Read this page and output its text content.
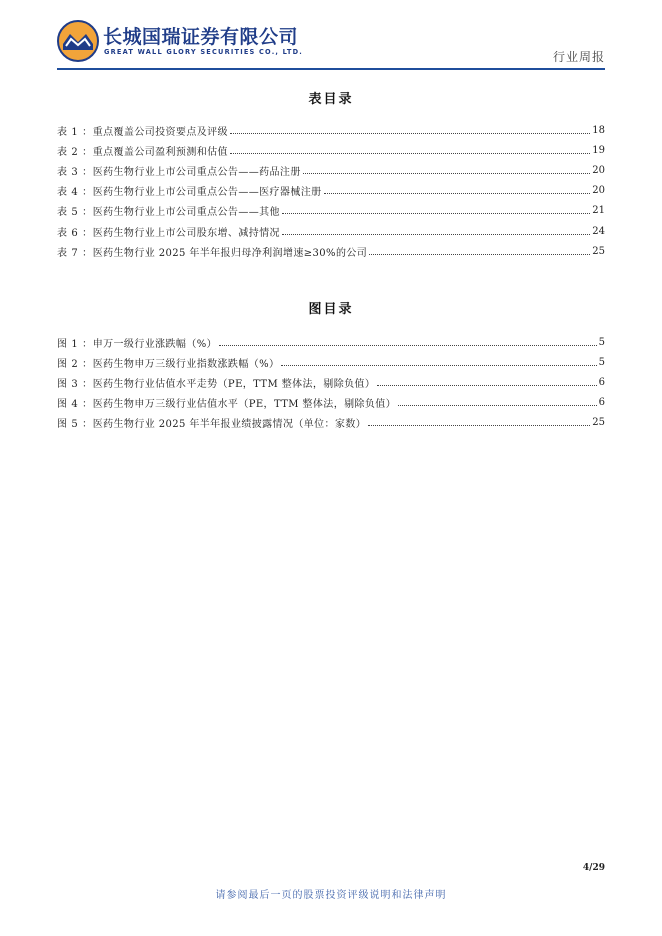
长城国瑞证券有限公司
GREAT WALL GLORY SECURITIES CO., LTD.	行业周报
表目录
表 1 ： 重点覆盖公司投资要点及评级	18
表 2 ： 重点覆盖公司盈利预测和估值	19
表 3 ： 医药生物行业上市公司重点公告——药品注册	20
表 4 ： 医药生物行业上市公司重点公告——医疗器械注册	20
表 5 ： 医药生物行业上市公司重点公告——其他	21
表 6 ： 医药生物行业上市公司股东增、减持情况	24
表 7 ： 医药生物行业 2025 年半年报归母净利润增速≥30%的公司	25
图目录
图 1 ： 申万一级行业涨跌幅（%）	5
图 2 ： 医药生物申万三级行业指数涨跌幅（%）	5
图 3 ： 医药生物行业估值水平走势（PE，TTM 整体法，剔除负值）	6
图 4 ： 医药生物申万三级行业估值水平（PE，TTM 整体法，剔除负值）	6
图 5 ： 医药生物行业 2025 年半年报业绩披露情况（单位：家数）	25
4/29
请参阅最后一页的股票投资评级说明和法律声明
